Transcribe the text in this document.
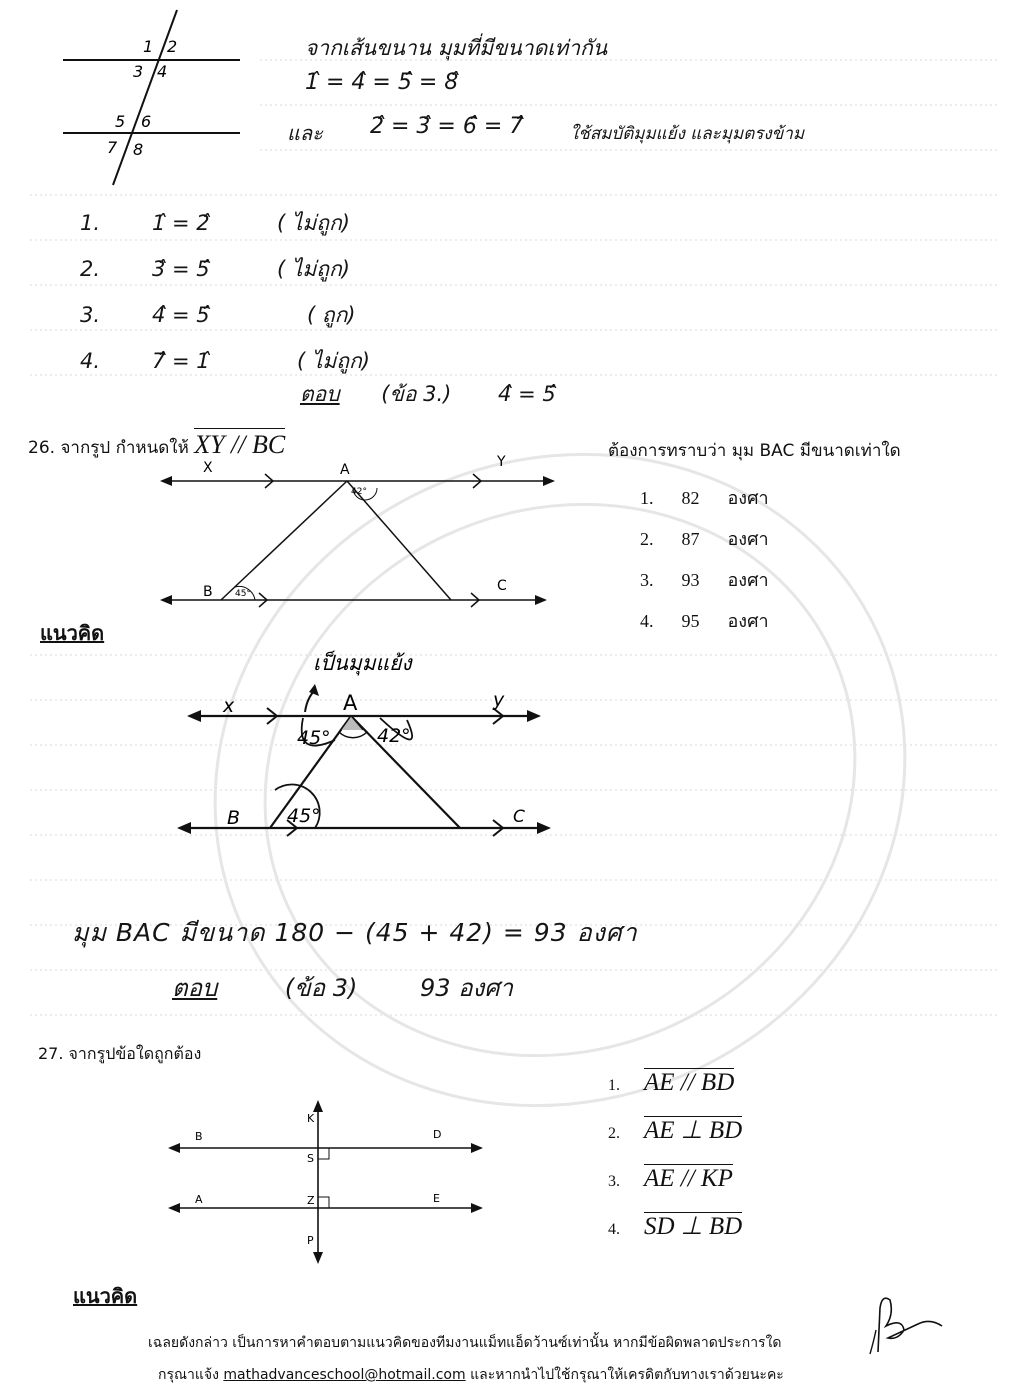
1 2
3 4
5 6
7 8
จากเส้นขนาน มุมที่มีขนาดเท่ากัน
1̂ = 4̂ = 5̂ = 8̂
และ 2̂ = 3̂ = 6̂ = 7̂	ใช้สมบัติมุมแย้ง และมุมตรงข้าม
1. 1̂ = 2̂	( ไม่ถูก)
2. 3̂ = 5̂	( ไม่ถูก)
3. 4̂ = 5̂	( ถูก)
4. 7̂ = 1̂	( ไม่ถูก)
ตอบ (ข้อ 3.) 4̂ = 5̂
26. จากรูป กำหนดให้ XY // BC	ต้องการทราบว่า มุม BAC มีขนาดเท่าใด
1. 82 องศา
2. 87 องศา
3. 93 องศา
4. 95 องศา
X	A	Y
B	C
42°
45°
แนวคิด
เป็นมุมแย้ง
x	A	y
B	C
45° 42°
45°
มุม BAC มีขนาด 180 − (45 + 42) = 93 องศา
ตอบ	(ข้อ 3)	93 องศา
27. จากรูปข้อใดถูกต้อง
K
B	D
S
A	Z	E
P
1. AE // BD
2. AE ⊥ BD
3. AE // KP
4. SD ⊥ BD
แนวคิด
เฉลยดังกล่าว เป็นการหาคำตอบตามแนวคิดของทีมงานแม็ทแอ็ดว้านซ์เท่านั้น หากมีข้อผิดพลาดประการใด
กรุณาแจ้ง mathadvanceschool@hotmail.com และหากนำไปใช้กรุณาให้เครดิตกับทางเราด้วยนะคะ
